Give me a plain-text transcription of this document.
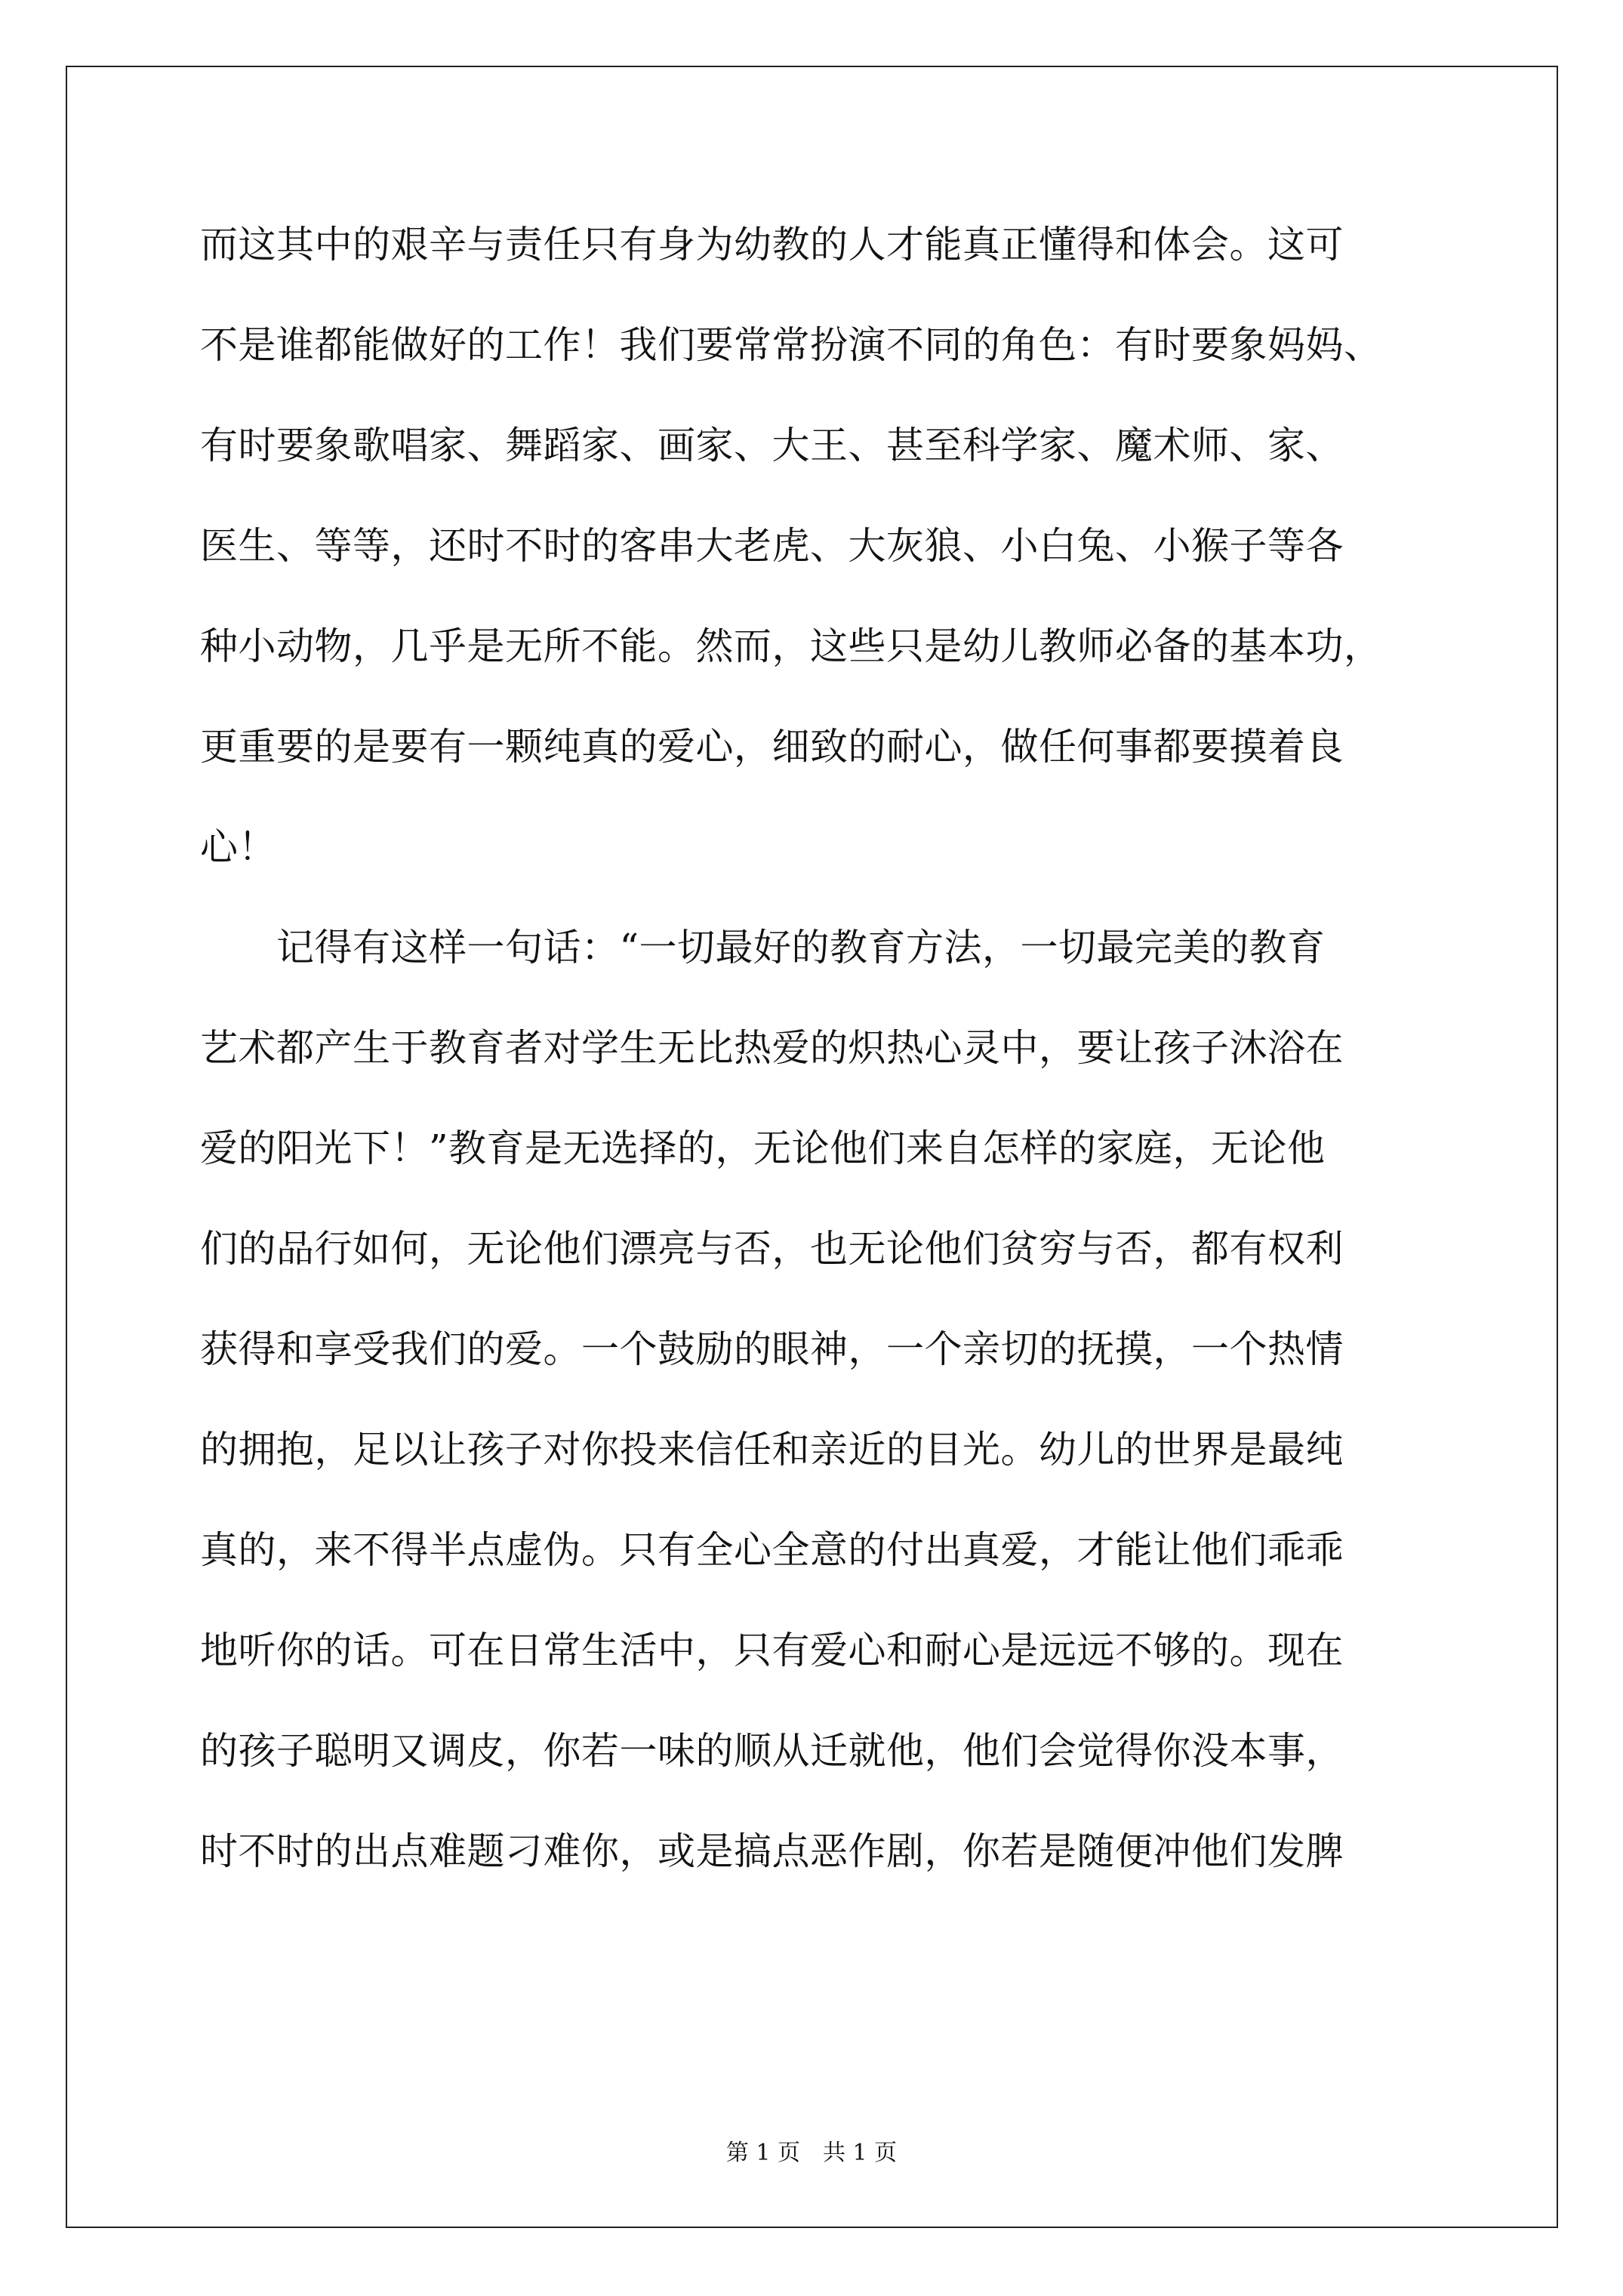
而这其中的艰辛与责任只有身为幼教的人才能真正懂得和体会。这可
不是谁都能做好的工作！我们要常常扮演不同的角色：有时要象妈妈、
有时要象歌唱家、舞蹈家、画家、大王、甚至科学家、魔术师、家、
医生、等等，还时不时的客串大老虎、大灰狼、小白兔、小猴子等各
种小动物，几乎是无所不能。然而，这些只是幼儿教师必备的基本功，
更重要的是要有一颗纯真的爱心，细致的耐心，做任何事都要摸着良
心！
　　记得有这样一句话：“一切最好的教育方法，一切最完美的教育
艺术都产生于教育者对学生无比热爱的炽热心灵中，要让孩子沐浴在
爱的阳光下！”教育是无选择的，无论他们来自怎样的家庭，无论他
们的品行如何，无论他们漂亮与否，也无论他们贫穷与否，都有权利
获得和享受我们的爱。一个鼓励的眼神，一个亲切的抚摸，一个热情
的拥抱，足以让孩子对你投来信任和亲近的目光。幼儿的世界是最纯
真的，来不得半点虚伪。只有全心全意的付出真爱，才能让他们乖乖
地听你的话。可在日常生活中，只有爱心和耐心是远远不够的。现在
的孩子聪明又调皮，你若一味的顺从迁就他，他们会觉得你没本事，
时不时的出点难题刁难你，或是搞点恶作剧，你若是随便冲他们发脾
第 1 页　共 1 页
